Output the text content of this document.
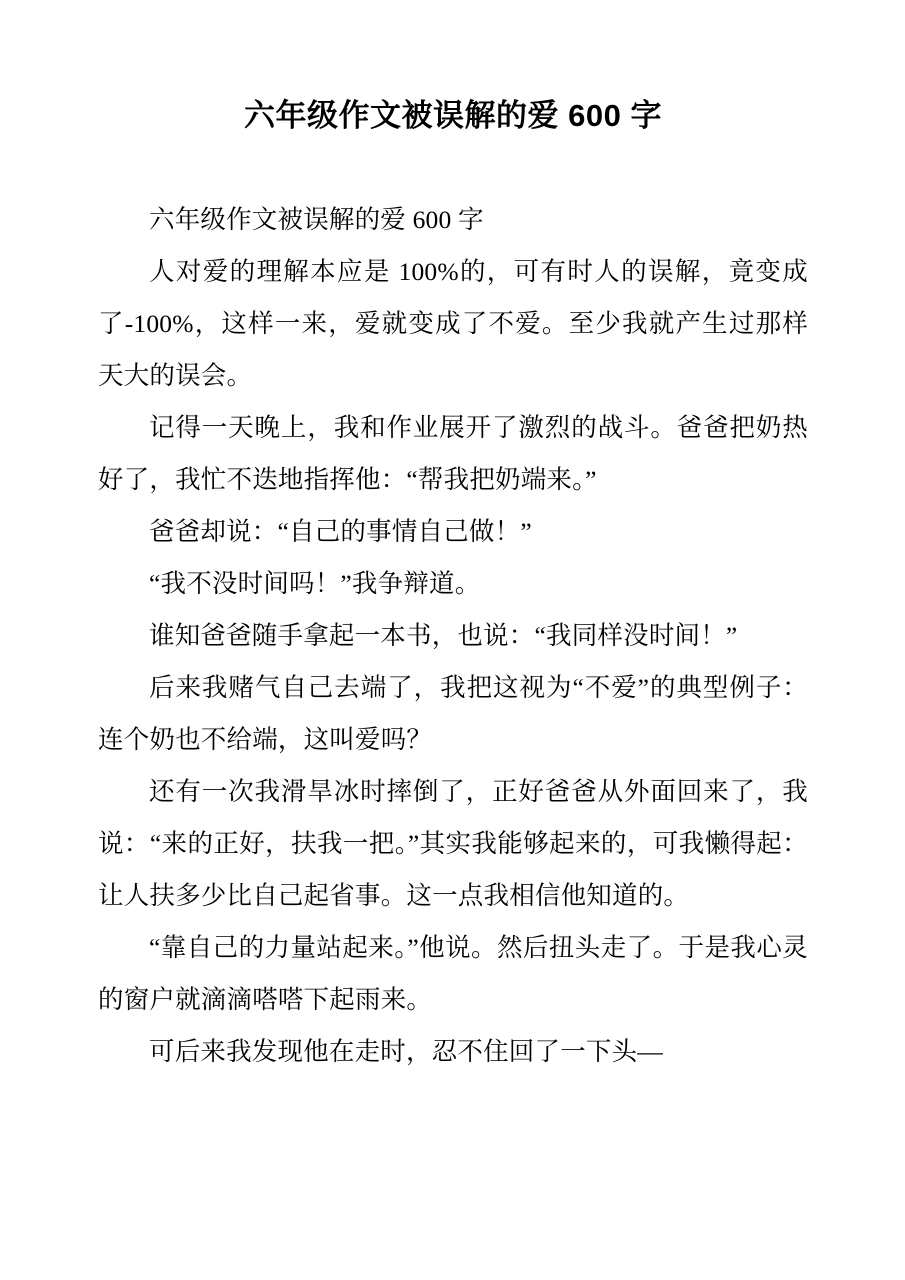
六年级作文被误解的爱 600 字

六年级作文被误解的爱 600 字

人对爱的理解本应是 100%的，可有时人的误解，竟变成了-100%，这样一来，爱就变成了不爱。至少我就产生过那样天大的误会。

记得一天晚上，我和作业展开了激烈的战斗。爸爸把奶热好了，我忙不迭地指挥他：“帮我把奶端来。”

爸爸却说：“自己的事情自己做！”

“我不没时间吗！”我争辩道。

谁知爸爸随手拿起一本书，也说：“我同样没时间！”

后来我赌气自己去端了，我把这视为“不爱”的典型例子：连个奶也不给端，这叫爱吗？

还有一次我滑旱冰时摔倒了，正好爸爸从外面回来了，我说：“来的正好，扶我一把。”其实我能够起来的，可我懒得起：让人扶多少比自己起省事。这一点我相信他知道的。

“靠自己的力量站起来。”他说。然后扭头走了。于是我心灵的窗户就滴滴嗒嗒下起雨来。

可后来我发现他在走时，忍不住回了一下头—
